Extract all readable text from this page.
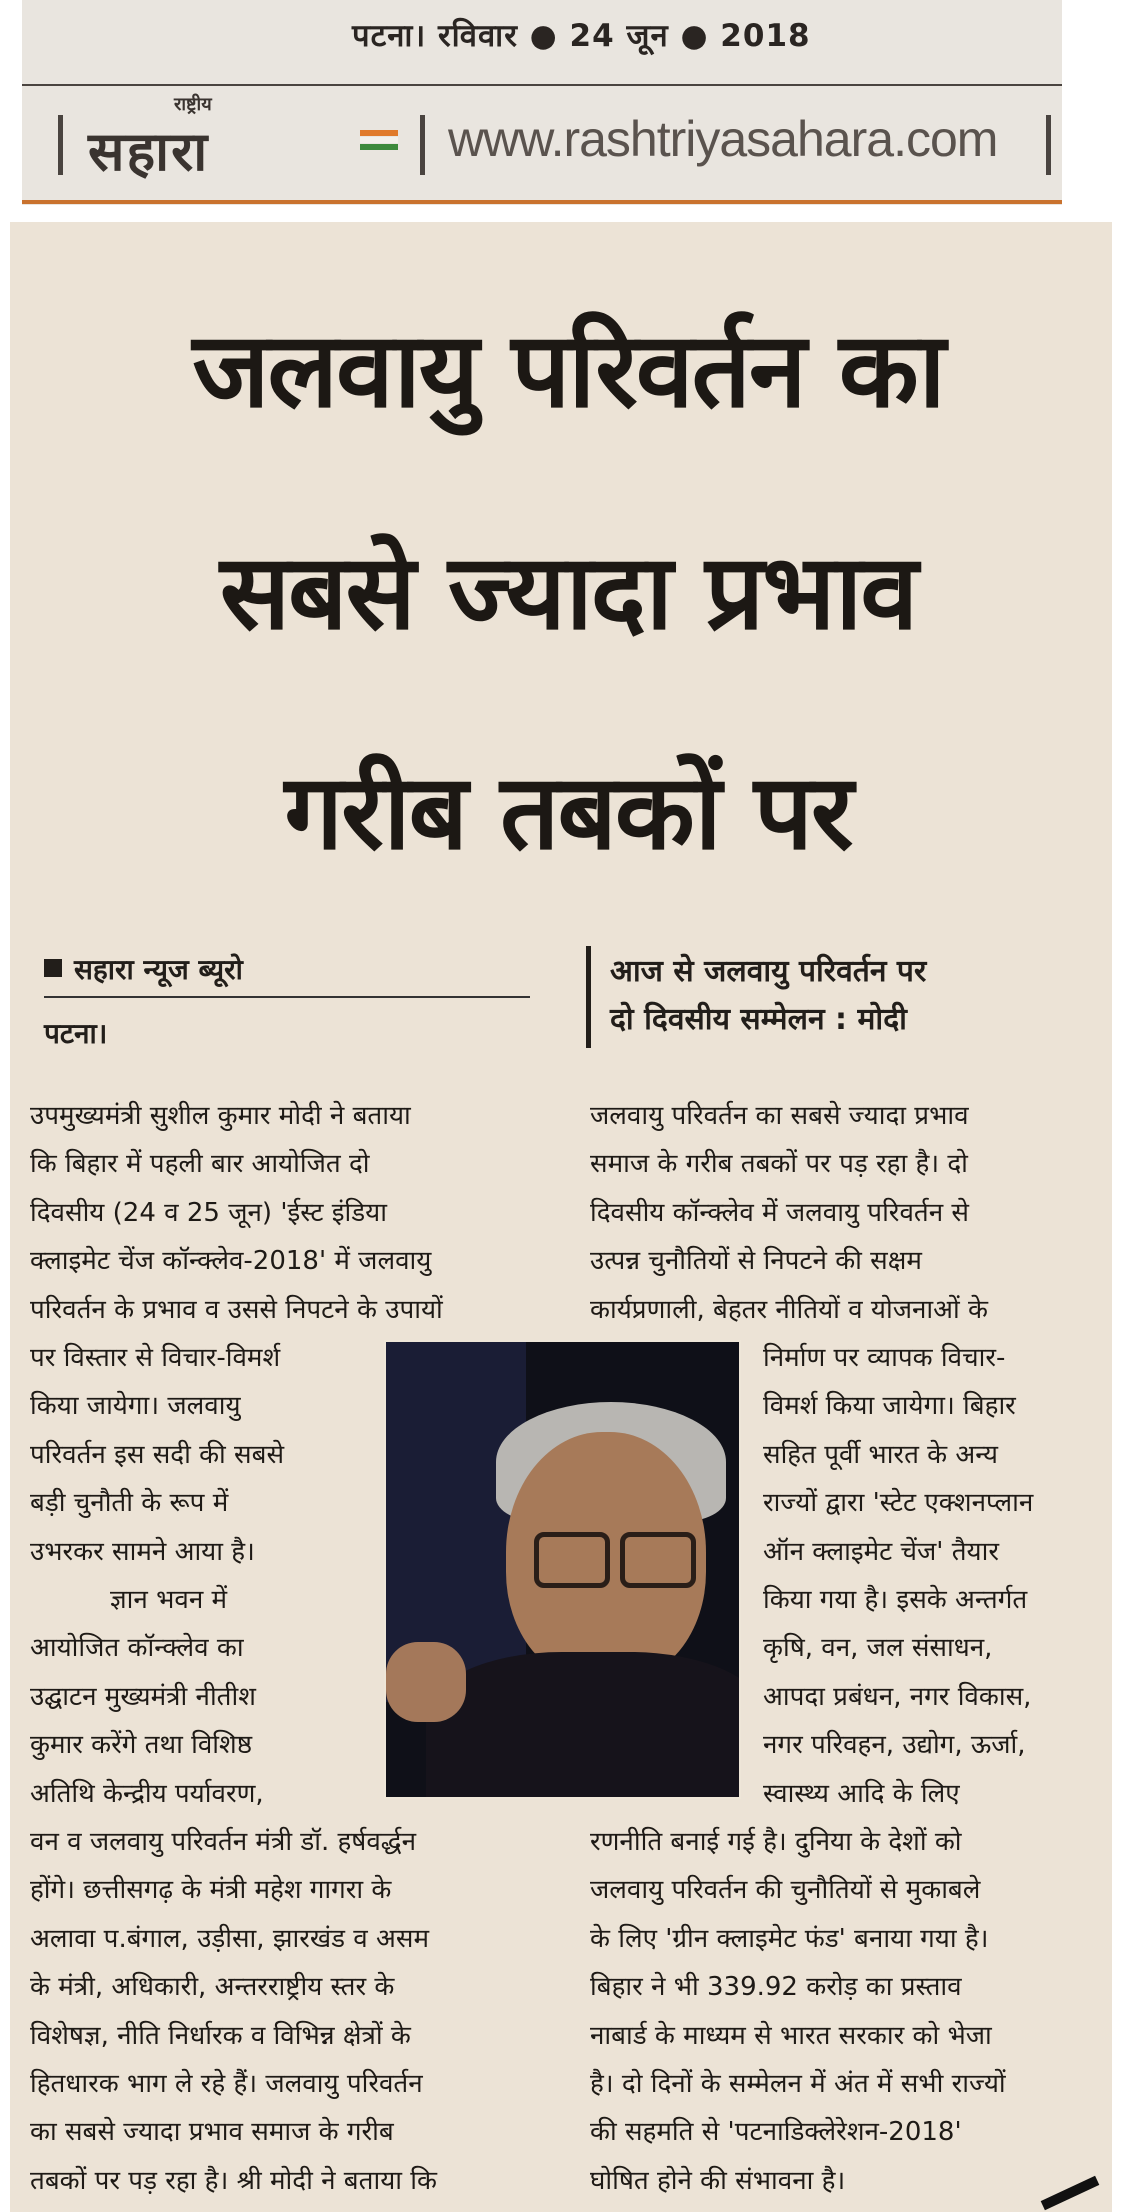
पटना। रविवार ● 24 जून ● 2018
राष्ट्रीय
सहारा	www.rashtriyasahara.com
जलवायु परिवर्तन का
सबसे ज्यादा प्रभाव
गरीब तबकों पर
सहारा न्यूज ब्यूरो
पटना।
आज से जलवायु परिवर्तन पर
दो दिवसीय सम्मेलन : मोदी
उपमुख्यमंत्री सुशील कुमार मोदी ने बताया
कि बिहार में पहली बार आयोजित दो
दिवसीय (24 व 25 जून) 'ईस्ट इंडिया
क्लाइमेट चेंज कॉन्क्लेव-2018' में जलवायु
परिवर्तन के प्रभाव व उससे निपटने के उपायों
पर विस्तार से विचार-विमर्श
किया जायेगा। जलवायु
परिवर्तन इस सदी की सबसे
बड़ी चुनौती के रूप में
उभरकर सामने आया है।
ज्ञान भवन में
आयोजित कॉन्क्लेव का
उद्घाटन मुख्यमंत्री नीतीश
कुमार करेंगे तथा विशिष्ठ
अतिथि केन्द्रीय पर्यावरण,
वन व जलवायु परिवर्तन मंत्री डॉ. हर्षवर्द्धन
होंगे। छत्तीसगढ़ के मंत्री महेश गागरा के
अलावा प.बंगाल, उड़ीसा, झारखंड व असम
के मंत्री, अधिकारी, अन्तरराष्ट्रीय स्तर के
विशेषज्ञ, नीति निर्धारक व विभिन्न क्षेत्रों के
हितधारक भाग ले रहे हैं। जलवायु परिवर्तन
का सबसे ज्यादा प्रभाव समाज के गरीब
तबकों पर पड़ रहा है। श्री मोदी ने बताया कि
जलवायु परिवर्तन का सबसे ज्यादा प्रभाव
समाज के गरीब तबकों पर पड़ रहा है। दो
दिवसीय कॉन्क्लेव में जलवायु परिवर्तन से
उत्पन्न चुनौतियों से निपटने की सक्षम
कार्यप्रणाली, बेहतर नीतियों व योजनाओं के
निर्माण पर व्यापक विचार-
विमर्श किया जायेगा। बिहार
सहित पूर्वी भारत के अन्य
राज्यों द्वारा 'स्टेट एक्शनप्लान
ऑन क्लाइमेट चेंज' तैयार
किया गया है। इसके अन्तर्गत
कृषि, वन, जल संसाधन,
आपदा प्रबंधन, नगर विकास,
नगर परिवहन, उद्योग, ऊर्जा,
स्वास्थ्य आदि के लिए
रणनीति बनाई गई है। दुनिया के देशों को
जलवायु परिवर्तन की चुनौतियों से मुकाबले
के लिए 'ग्रीन क्लाइमेट फंड' बनाया गया है।
बिहार ने भी 339.92 करोड़ का प्रस्ताव
नाबार्ड के माध्यम से भारत सरकार को भेजा
है। दो दिनों के सम्मेलन में अंत में सभी राज्यों
की सहमति से 'पटनाडिक्लेरेशन-2018'
घोषित होने की संभावना है।
